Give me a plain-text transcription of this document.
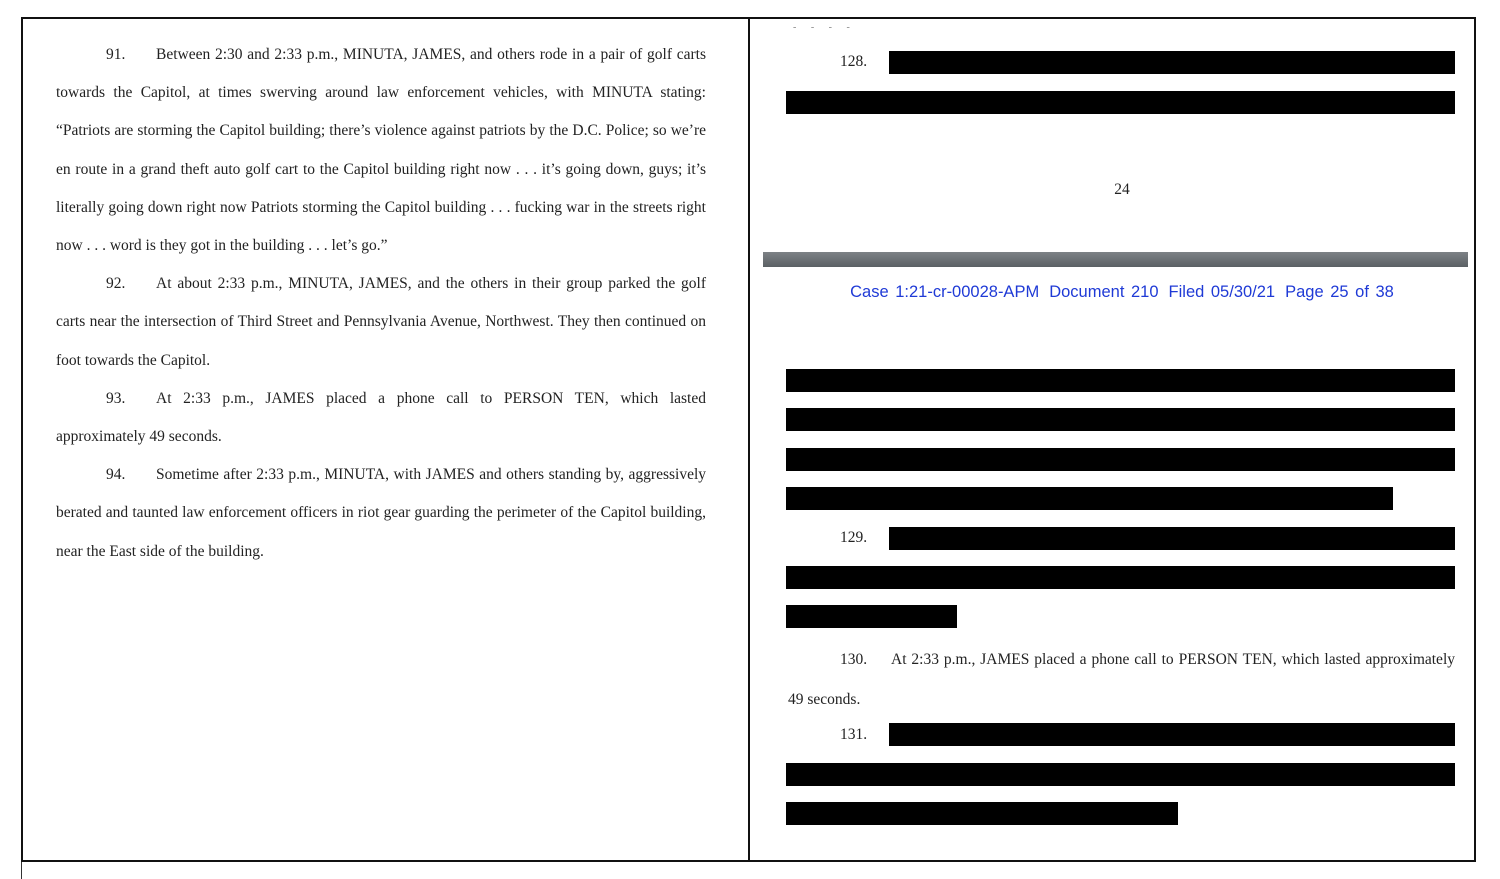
91. Between 2:30 and 2:33 p.m., MINUTA, JAMES, and others rode in a pair of golf carts towards the Capitol, at times swerving around law enforcement vehicles, with MINUTA stating: “Patriots are storming the Capitol building; there’s violence against patriots by the D.C. Police; so we’re en route in a grand theft auto golf cart to the Capitol building right now . . . it’s going down, guys; it’s literally going down right now Patriots storming the Capitol building . . . fucking war in the streets right now . . . word is they got in the building . . . let’s go.”

92. At about 2:33 p.m., MINUTA, JAMES, and the others in their group parked the golf carts near the intersection of Third Street and Pennsylvania Avenue, Northwest. They then continued on foot towards the Capitol.

93. At 2:33 p.m., JAMES placed a phone call to PERSON TEN, which lasted approximately 49 seconds.

94. Sometime after 2:33 p.m., MINUTA, with JAMES and others standing by, aggressively berated and taunted law enforcement officers in riot gear guarding the perimeter of the Capitol building, near the East side of the building.

- - - -
128.
24
Case 1:21-cr-00028-APM Document 210 Filed 05/30/21 Page 25 of 38
129.

130. At 2:33 p.m., JAMES placed a phone call to PERSON TEN, which lasted approximately 49 seconds.

131.
